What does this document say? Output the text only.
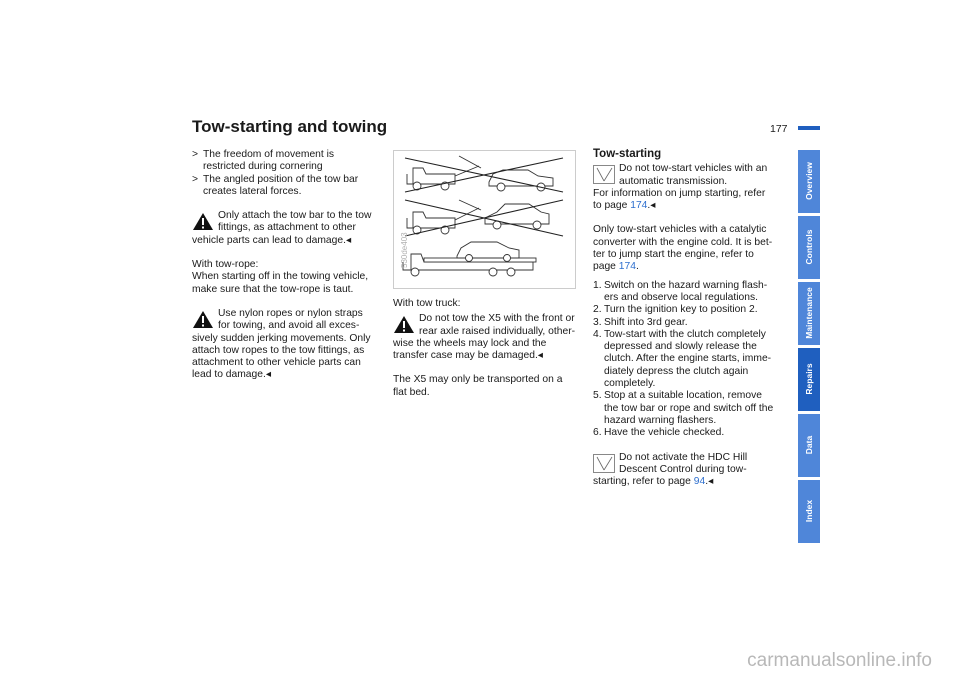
Tow-starting and towing	177
> The freedom of movement is
restricted during cornering
> The angled position of the tow bar
creates lateral forces.
Only attach the tow bar to the tow
fittings, as attachment to other
vehicle parts can lead to damage.◂

With tow-rope:

When starting off in the towing vehicle,
make sure that the tow-rope is taut.

Use nylon ropes or nylon straps
for towing, and avoid all exces-
sively sudden jerking movements. Only
attach tow ropes to the tow fittings, as
attachment to other vehicle parts can
lead to damage.◂
530de403

With tow truck:

Do not tow the X5 with the front or
rear axle raised individually, other-
wise the wheels may lock and the
transfer case may be damaged.◂

The X5 may only be transported on a
flat bed.

Tow-starting

Do not tow-start vehicles with an
automatic transmission.

For information on jump starting, refer
to page 174.◂

Only tow-start vehicles with a catalytic
converter with the engine cold. It is bet-
ter to jump start the engine, refer to
page 174.

1. Switch on the hazard warning flash-
ers and observe local regulations.
2. Turn the ignition key to position 2.
3. Shift into 3rd gear.
4. Tow-start with the clutch completely
depressed and slowly release the
clutch. After the engine starts, imme-
diately depress the clutch again
completely.
5. Stop at a suitable location, remove
the tow bar or rope and switch off the
hazard warning flashers.
6. Have the vehicle checked.
Do not activate the HDC Hill
Descent Control during tow-
starting, refer to page 94.◂
Overview
Controls
Maintenance
Repairs
Data
Index
carmanualsonline.info
